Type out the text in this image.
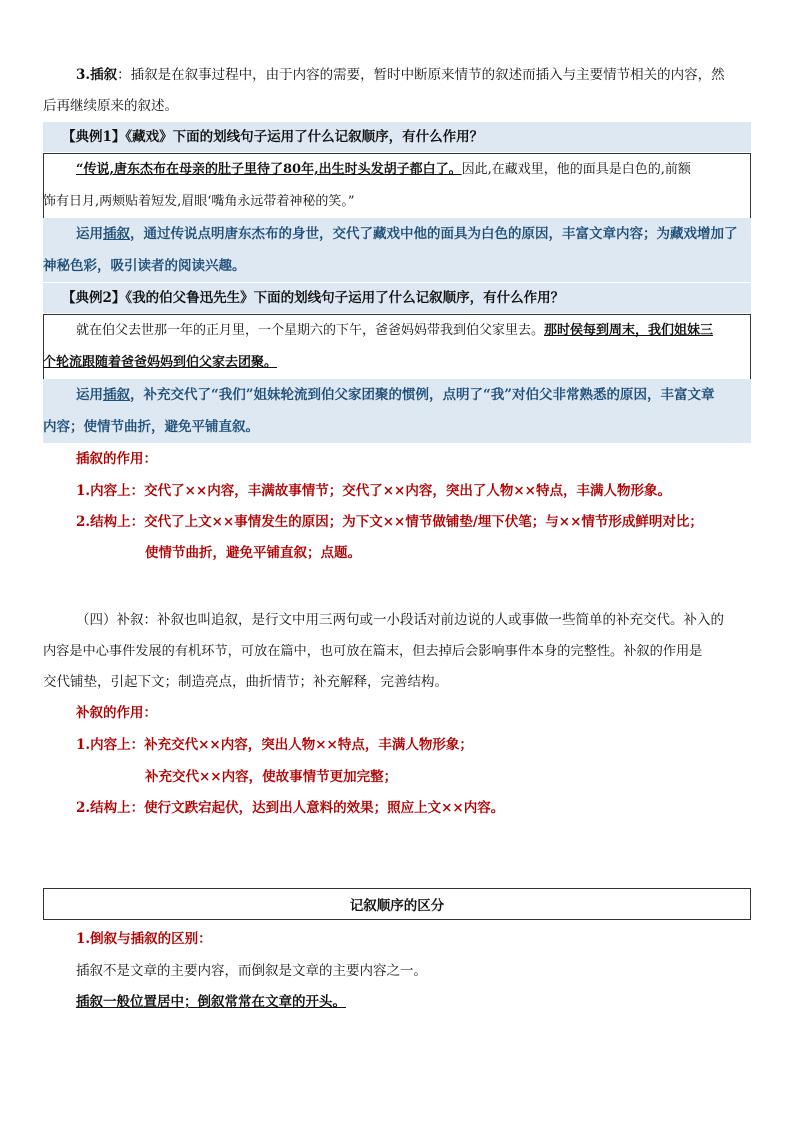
3.插叙：插叙是在叙事过程中，由于内容的需要，暂时中断原来情节的叙述而插入与主要情节相关的内容，然
后再继续原来的叙述。
【典例1】《藏戏》下面的划线句子运用了什么记叙顺序，有什么作用？
“传说,唐东杰布在母亲的肚子里待了80年,出生时头发胡子都白了。因此,在藏戏里，他的面具是白色的,前额
饰有日月,两颊贴着短发,眉眼‘嘴角永远带着神秘的笑。”
运用插叙，通过传说点明唐东杰布的身世，交代了藏戏中他的面具为白色的原因，丰富文章内容；为藏戏增加了
神秘色彩，吸引读者的阅读兴趣。
【典例2】《我的伯父鲁迅先生》下面的划线句子运用了什么记叙顺序，有什么作用？
就在伯父去世那一年的正月里，一个星期六的下午，爸爸妈妈带我到伯父家里去。那时侯每到周末，我们姐妹三
个轮流跟随着爸爸妈妈到伯父家去团聚。
运用插叙，补充交代了“我们”姐妹轮流到伯父家团聚的惯例，点明了“我”对伯父非常熟悉的原因，丰富文章
内容；使情节曲折，避免平铺直叙。
插叙的作用：
1.内容上：交代了××内容，丰满故事情节；交代了××内容，突出了人物××特点，丰满人物形象。
2.结构上：交代了上文××事情发生的原因；为下文××情节做铺垫/埋下伏笔；与××情节形成鲜明对比；
使情节曲折，避免平铺直叙；点题。
（四）补叙：补叙也叫追叙，是行文中用三两句或一小段话对前边说的人或事做一些简单的补充交代。补入的
内容是中心事件发展的有机环节，可放在篇中，也可放在篇末，但去掉后会影响事件本身的完整性。补叙的作用是
交代铺垫，引起下文；制造亮点，曲折情节；补充解释，完善结构。
补叙的作用：
1.内容上：补充交代××内容，突出人物××特点，丰满人物形象；
补充交代××内容，使故事情节更加完整；
2.结构上：使行文跌宕起伏，达到出人意料的效果；照应上文××内容。
记叙顺序的区分
1.倒叙与插叙的区别：
插叙不是文章的主要内容，而倒叙是文章的主要内容之一。
插叙一般位置居中；倒叙常常在文章的开头。
